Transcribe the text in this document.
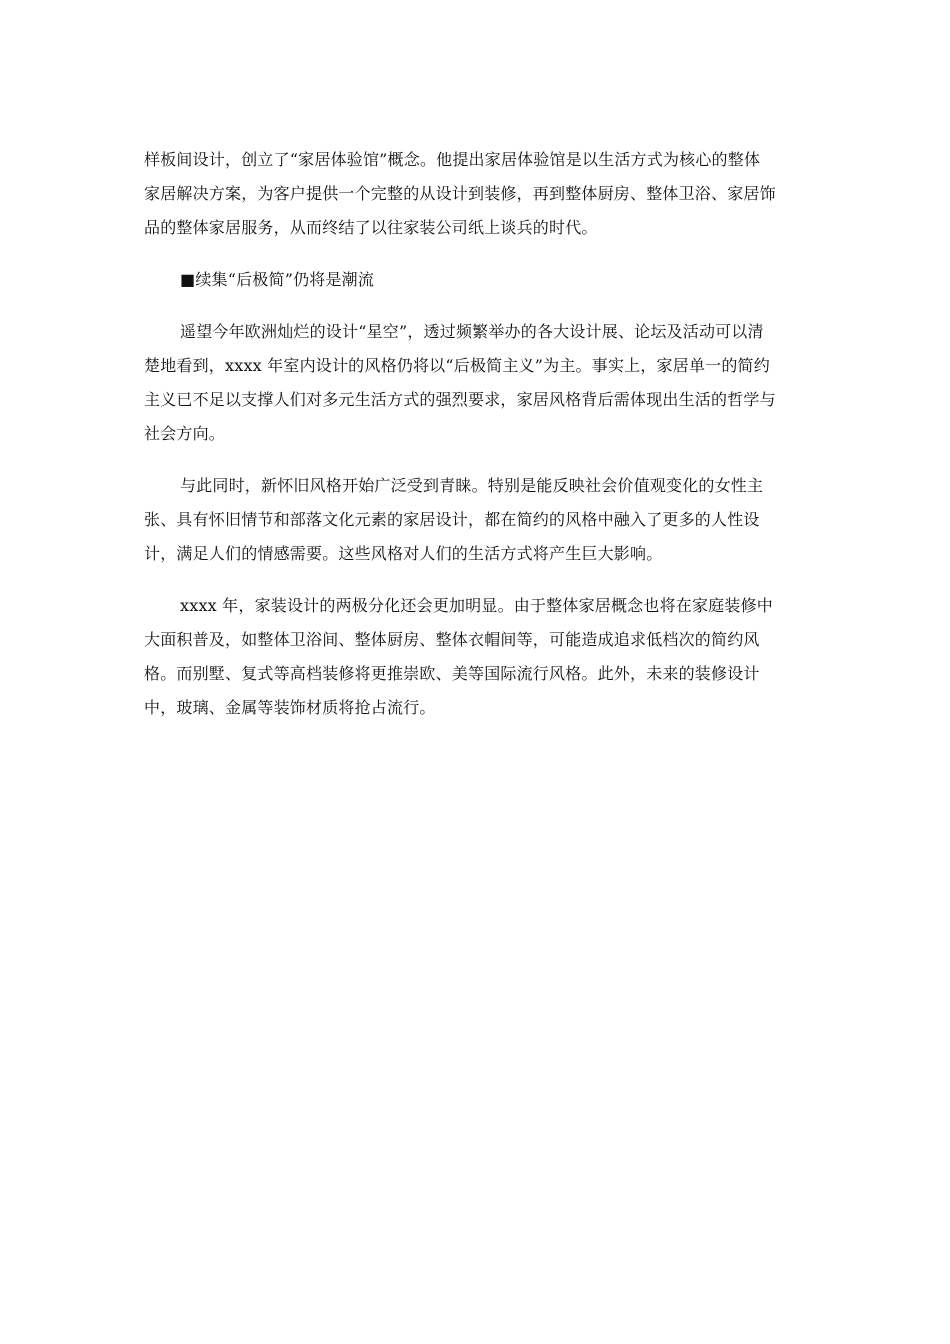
样板间设计，创立了“家居体验馆”概念。他提出家居体验馆是以生活方式为核心的整体
家居解决方案，为客户提供一个完整的从设计到装修，再到整体厨房、整体卫浴、家居饰
品的整体家居服务，从而终结了以往家装公司纸上谈兵的时代。
■续集“后极简”仍将是潮流
遥望今年欧洲灿烂的设计“星空”，透过频繁举办的各大设计展、论坛及活动可以清
楚地看到，xxxx 年室内设计的风格仍将以“后极简主义”为主。事实上，家居单一的简约
主义已不足以支撑人们对多元生活方式的强烈要求，家居风格背后需体现出生活的哲学与
社会方向。
与此同时，新怀旧风格开始广泛受到青睐。特别是能反映社会价值观变化的女性主
张、具有怀旧情节和部落文化元素的家居设计，都在简约的风格中融入了更多的人性设
计，满足人们的情感需要。这些风格对人们的生活方式将产生巨大影响。
xxxx 年，家装设计的两极分化还会更加明显。由于整体家居概念也将在家庭装修中
大面积普及，如整体卫浴间、整体厨房、整体衣帽间等，可能造成追求低档次的简约风
格。而别墅、复式等高档装修将更推崇欧、美等国际流行风格。此外，未来的装修设计
中，玻璃、金属等装饰材质将抢占流行。
